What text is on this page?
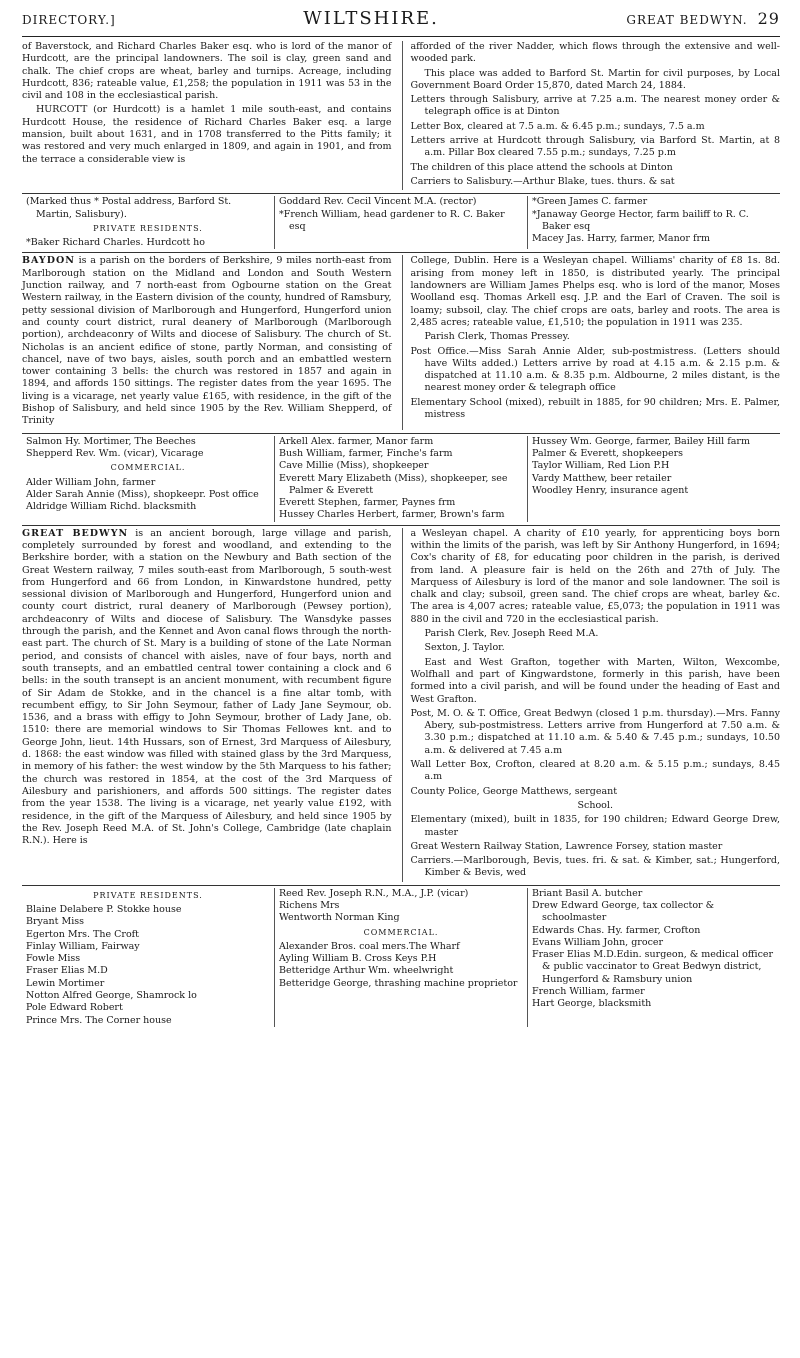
DIRECTORY.]	WILTSHIRE.	GREAT BEDWYN. 29

of Baverstock, and Richard Charles Baker esq. who is lord of the manor of Hurdcott, are the principal landowners. The soil is clay, green sand and chalk. The chief crops are wheat, barley and turnips. Acreage, including Hurdcott, 836; rateable value, £1,258; the population in 1911 was 53 in the civil and 108 in the ecclesiastical parish.

HURCOTT (or Hurdcott) is a hamlet 1 mile south-east, and contains Hurdcott House, the residence of Richard Charles Baker esq. a large mansion, built about 1631, and in 1708 transferred to the Pitts family; it was restored and very much enlarged in 1809, and again in 1901, and from the terrace a considerable view is

afforded of the river Nadder, which flows through the extensive and well-wooded park.

This place was added to Barford St. Martin for civil purposes, by Local Government Board Order 15,870, dated March 24, 1884.

Letters through Salisbury, arrive at 7.25 a.m. The nearest money order & telegraph office is at Dinton

Letter Box, cleared at 7.5 a.m. & 6.45 p.m.; sundays, 7.5 a.m

Letters arrive at Hurdcott through Salisbury, via Barford St. Martin, at 8 a.m. Pillar Box cleared 7.55 p.m.; sundays, 7.25 p.m

The children of this place attend the schools at Dinton

Carriers to Salisbury.—Arthur Blake, tues. thurs. & sat

(Marked thus * Postal address, Barford St. Martin, Salisbury).
PRIVATE RESIDENTS.
*Baker Richard Charles. Hurdcott ho
Goddard Rev. Cecil Vincent M.A. (rector)
*French William, head gardener to R. C. Baker esq
*Green James C. farmer
*Janaway George Hector, farm bailiff to R. C. Baker esq
Macey Jas. Harry, farmer, Manor frm

BAYDON is a parish on the borders of Berkshire, 9 miles north-east from Marlborough station on the Midland and London and South Western Junction railway, and 7 north-east from Ogbourne station on the Great Western railway, in the Eastern division of the county, hundred of Ramsbury, petty sessional division of Marlborough and Hungerford, Hungerford union and county court district, rural deanery of Marlborough (Marlborough portion), archdeaconry of Wilts and diocese of Salisbury. The church of St. Nicholas is an ancient edifice of stone, partly Norman, and consisting of chancel, nave of two bays, aisles, south porch and an embattled western tower containing 3 bells: the church was restored in 1857 and again in 1894, and affords 150 sittings. The register dates from the year 1695. The living is a vicarage, net yearly value £165, with residence, in the gift of the Bishop of Salisbury, and held since 1905 by the Rev. William Shepperd, of Trinity

College, Dublin. Here is a Wesleyan chapel. Williams' charity of £8 1s. 8d. arising from money left in 1850, is distributed yearly. The principal landowners are William James Phelps esq. who is lord of the manor, Moses Woolland esq. Thomas Arkell esq. J.P. and the Earl of Craven. The soil is loamy; subsoil, clay. The chief crops are oats, barley and roots. The area is 2,485 acres; rateable value, £1,510; the population in 1911 was 235.

Parish Clerk, Thomas Pressey.

Post Office.—Miss Sarah Annie Alder, sub-postmistress. (Letters should have Wilts added.) Letters arrive by road at 4.15 a.m. & 2.15 p.m. & dispatched at 11.10 a.m. & 8.35 p.m. Aldbourne, 2 miles distant, is the nearest money order & telegraph office

Elementary School (mixed), rebuilt in 1885, for 90 children; Mrs. E. Palmer, mistress

Salmon Hy. Mortimer, The Beeches
Shepperd Rev. Wm. (vicar), Vicarage
COMMERCIAL.
Alder William John, farmer
Alder Sarah Annie (Miss), shopkeepr. Post office
Aldridge William Richd. blacksmith
Arkell Alex. farmer, Manor farm
Bush William, farmer, Finche's farm
Cave Millie (Miss), shopkeeper
Everett Mary Elizabeth (Miss), shopkeeper, see Palmer & Everett
Everett Stephen, farmer, Paynes frm
Hussey Charles Herbert, farmer, Brown's farm
Hussey Wm. George, farmer, Bailey Hill farm
Palmer & Everett, shopkeepers
Taylor William, Red Lion P.H
Vardy Matthew, beer retailer
Woodley Henry, insurance agent

GREAT BEDWYN is an ancient borough, large village and parish, completely surrounded by forest and woodland, and extending to the Berkshire border, with a station on the Newbury and Bath section of the Great Western railway, 7 miles south-east from Marlborough, 5 south-west from Hungerford and 66 from London, in Kinwardstone hundred, petty sessional division of Marlborough and Hungerford, Hungerford union and county court district, rural deanery of Marlborough (Pewsey portion), archdeaconry of Wilts and diocese of Salisbury. The Wansdyke passes through the parish, and the Kennet and Avon canal flows through the north-east part. The church of St. Mary is a building of stone of the Late Norman period, and consists of chancel with aisles, nave of four bays, north and south transepts, and an embattled central tower containing a clock and 6 bells: in the south transept is an ancient monument, with recumbent figure of Sir Adam de Stokke, and in the chancel is a fine altar tomb, with recumbent effigy, to Sir John Seymour, father of Lady Jane Seymour, ob. 1536, and a brass with effigy to John Seymour, brother of Lady Jane, ob. 1510: there are memorial windows to Sir Thomas Fellowes knt. and to George John, lieut. 14th Hussars, son of Ernest, 3rd Marquess of Ailesbury, d. 1868: the east window was filled with stained glass by the 3rd Marquess, in memory of his father: the west window by the 5th Marquess to his father; the church was restored in 1854, at the cost of the 3rd Marquess of Ailesbury and parishioners, and affords 500 sittings. The register dates from the year 1538. The living is a vicarage, net yearly value £192, with residence, in the gift of the Marquess of Ailesbury, and held since 1905 by the Rev. Joseph Reed M.A. of St. John's College, Cambridge (late chaplain R.N.). Here is

a Wesleyan chapel. A charity of £10 yearly, for apprenticing boys born within the limits of the parish, was left by Sir Anthony Hungerford, in 1694; Cox's charity of £8, for educating poor children in the parish, is derived from land. A pleasure fair is held on the 26th and 27th of July. The Marquess of Ailesbury is lord of the manor and sole landowner. The soil is chalk and clay; subsoil, green sand. The chief crops are wheat, barley &c. The area is 4,007 acres; rateable value, £5,073; the population in 1911 was 880 in the civil and 720 in the ecclesiastical parish.

Parish Clerk, Rev. Joseph Reed M.A.

Sexton, J. Taylor.

East and West Grafton, together with Marten, Wilton, Wexcombe, Wolfhall and part of Kingwardstone, formerly in this parish, have been formed into a civil parish, and will be found under the heading of East and West Grafton.

Post, M. O. & T. Office, Great Bedwyn (closed 1 p.m. thursday).—Mrs. Fanny Abery, sub-postmistress. Letters arrive from Hungerford at 7.50 a.m. & 3.30 p.m.; dispatched at 11.10 a.m. & 5.40 & 7.45 p.m.; sundays, 10.50 a.m. & delivered at 7.45 a.m

Wall Letter Box, Crofton, cleared at 8.20 a.m. & 5.15 p.m.; sundays, 8.45 a.m

County Police, George Matthews, sergeant

School.

Elementary (mixed), built in 1835, for 190 children; Edward George Drew, master

Great Western Railway Station, Lawrence Forsey, station master

Carriers.—Marlborough, Bevis, tues. fri. & sat. & Kimber, sat.; Hungerford, Kimber & Bevis, wed

PRIVATE RESIDENTS.
Blaine Delabere P. Stokke house
Bryant Miss
Egerton Mrs. The Croft
Finlay William, Fairway
Fowle Miss
Fraser Elias M.D
Lewin Mortimer
Notton Alfred George, Shamrock lo
Pole Edward Robert
Prince Mrs. The Corner house
Reed Rev. Joseph R.N., M.A., J.P. (vicar)
Richens Mrs
Wentworth Norman King
COMMERCIAL.
Alexander Bros. coal mers.The Wharf
Ayling William B. Cross Keys P.H
Betteridge Arthur Wm. wheelwright
Betteridge George, thrashing machine proprietor
Briant Basil A. butcher
Drew Edward George, tax collector & schoolmaster
Edwards Chas. Hy. farmer, Crofton
Evans William John, grocer
Fraser Elias M.D.Edin. surgeon, & medical officer & public vaccinator to Great Bedwyn district, Hungerford & Ramsbury union
French William, farmer
Hart George, blacksmith
